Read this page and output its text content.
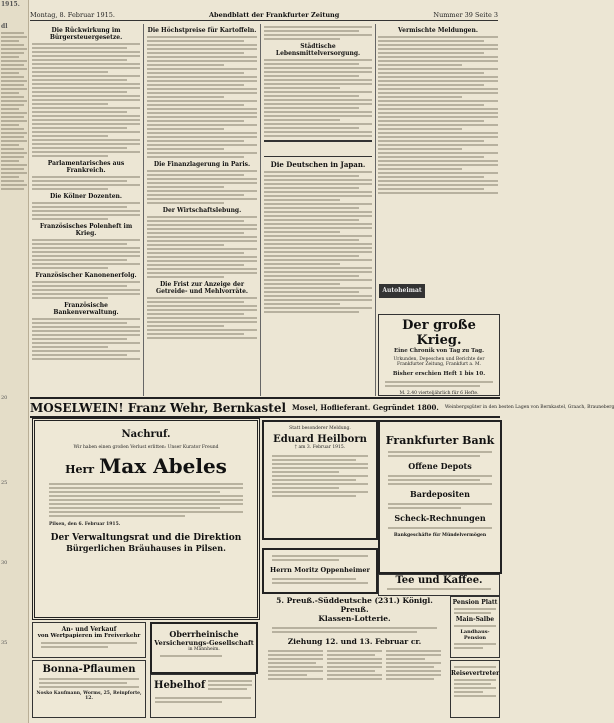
1915.
dl
20
25
30
35
Montag, 8. Februar 1915.	Abendblatt der Frankfurter Zeitung	Nummer 39 Seite 3
Die Rückwirkung im Bürgersteuergesetze.
Parlamentarisches aus Frankreich.
Die Kölner Dozenten.
Französisches Polenheft im Krieg.
Französischer Kanonenerfolg.
Französische Bankenverwaltung.
Die Höchstpreise für Kartoffeln.
Die Finanzlagerung in Paris.
Der Wirtschaftslebung.
Die Frist zur Anzeige der Getreide- und Mehlvorräte.
Städtische Lebensmittelversorgung.
Die Deutschen in Japan.
Vermischte Meldungen.
Autoheimat
Der große Krieg.
Eine Chronik von Tag zu Tag.
Urkunden, Depeschen und Berichte der
Frankfurter Zeitung, Frankfurt a. M.
Bisher erschien Heft 1 bis 10.
M. 2.40 vierteljährlich für 6 Hefte.
MOSELWEIN! Franz Wehr, Bernkastel Mosel, Hoflieferant. Gegründet 1800. Weinbergsgüter in den besten Lagen von Bernkastel, Graach, Brauneberg
Nachruf.
Wir haben einen großen Verlust erlitten: Unser Kurator Freund
Herr Max Abeles
Pilsen, den 6. Februar 1915.
Der Verwaltungsrat und die Direktion
Bürgerlichen Bräuhauses in Pilsen.
Statt besonderer Meldung.
Eduard Heilborn
† am 3. Februar 1915.
Herrn Moritz Oppenheimer
Frankfurter Bank
Offene Depots
Bardepositen
Scheck-Rechnungen
Bankgeschäfte für Mündelvermögen
Tee und Kaffee.
5. Preuß.-Süddeutsche (231.) Königl. Preuß.
Klassen-Lotterie.
Ziehung 12. und 13. Februar cr.
Pension Platt
Main-Salbe
Landhaus-Pension
Reisevertreter
An- und Verkauf
von Wertpapieren im Freiverkehr
Bonna-Pflaumen
Nosko Kaufmann, Worms, 25, Reinpforte, 12.
Oberrheinische
Versicherungs-Gesellschaft
in Mannheim.
Hebelhof
